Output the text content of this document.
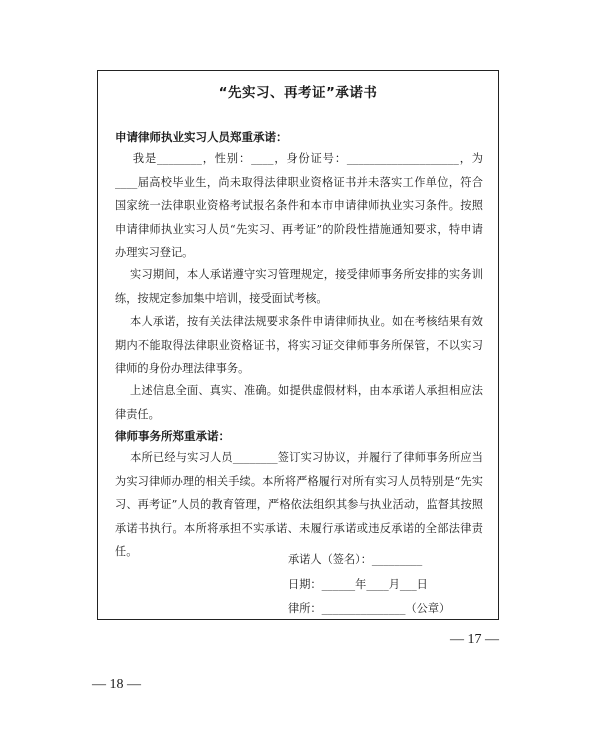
“先实习、再考证”承诺书
申请律师执业实习人员郑重承诺：
我是________，性别：____，身份证号：____________________，为____届高校毕业生，尚未取得法律职业资格证书并未落实工作单位，符合国家统一法律职业资格考试报名条件和本市申请律师执业实习条件。按照申请律师执业实习人员“先实习、再考证”的阶段性措施通知要求，特申请办理实习登记。
实习期间，本人承诺遵守实习管理规定，接受律师事务所安排的实务训练，按规定参加集中培训，接受面试考核。
本人承诺，按有关法律法规要求条件申请律师执业。如在考核结果有效期内不能取得法律职业资格证书，将实习证交律师事务所保管，不以实习律师的身份办理法律事务。
上述信息全面、真实、准确。如提供虚假材料，由本承诺人承担相应法律责任。
律师事务所郑重承诺：
本所已经与实习人员________签订实习协议，并履行了律师事务所应当为实习律师办理的相关手续。本所将严格履行对所有实习人员特别是“先实习、再考证”人员的教育管理，严格依法组织其参与执业活动，监督其按照承诺书执行。本所将承担不实承诺、未履行承诺或违反承诺的全部法律责任。
承诺人（签名）：_________
日期：______年____月___日
律所：_______________（公章）
— 17 —
— 18 —
